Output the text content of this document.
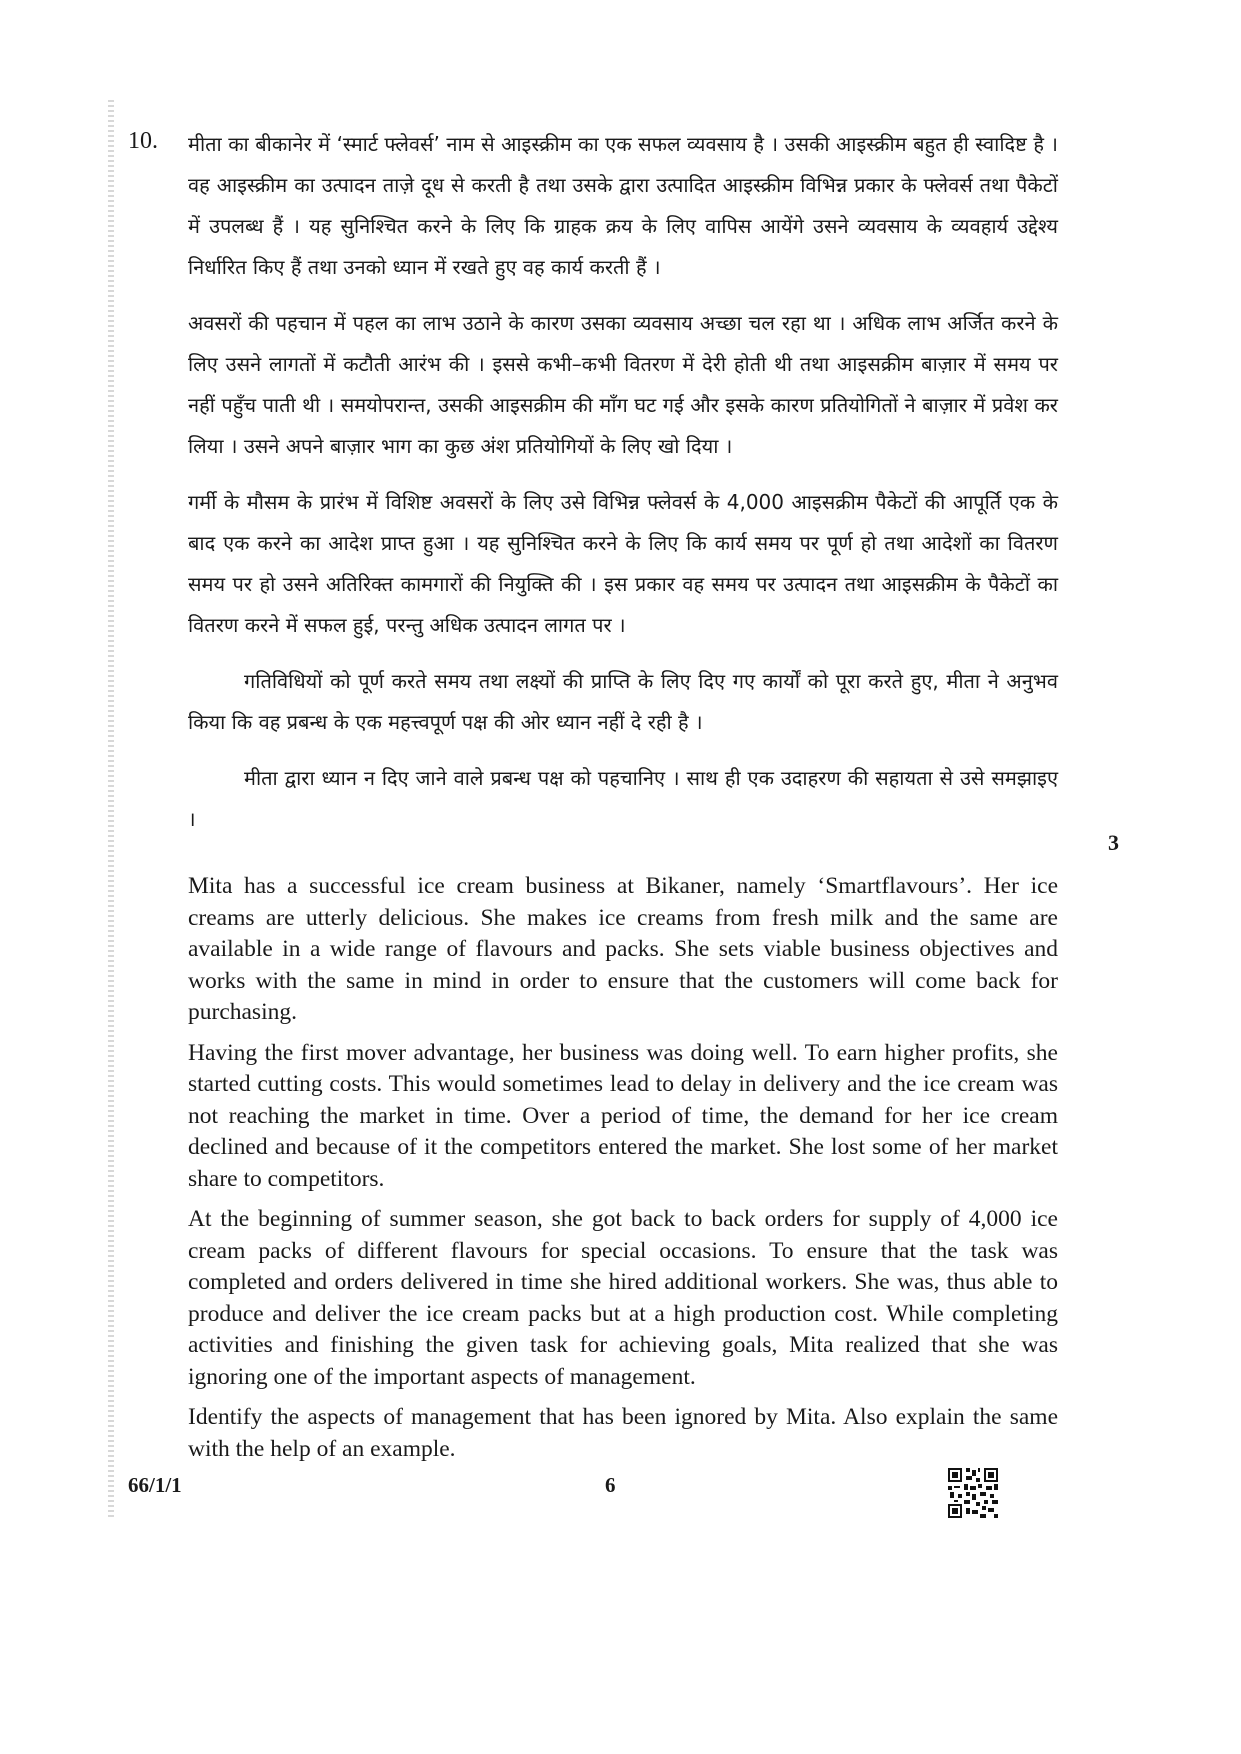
10. मीता का बीकानेर में ‘स्मार्ट फ्लेवर्स’ नाम से आइस्क्रीम का एक सफल व्यवसाय है । उसकी आइस्क्रीम बहुत ही स्वादिष्ट है । वह आइस्क्रीम का उत्पादन ताज़े दूध से करती है तथा उसके द्वारा उत्पादित आइस्क्रीम विभिन्न प्रकार के फ्लेवर्स तथा पैकेटों में उपलब्ध हैं । यह सुनिश्चित करने के लिए कि ग्राहक क्रय के लिए वापिस आयेंगे उसने व्यवसाय के व्यवहार्य उद्देश्य निर्धारित किए हैं तथा उनको ध्यान में रखते हुए वह कार्य करती हैं ।

अवसरों की पहचान में पहल का लाभ उठाने के कारण उसका व्यवसाय अच्छा चल रहा था । अधिक लाभ अर्जित करने के लिए उसने लागतों में कटौती आरंभ की । इससे कभी–कभी वितरण में देरी होती थी तथा आइसक्रीम बाज़ार में समय पर नहीं पहुँच पाती थी । समयोपरान्त, उसकी आइसक्रीम की माँग घट गई और इसके कारण प्रतियोगितों ने बाज़ार में प्रवेश कर लिया । उसने अपने बाज़ार भाग का कुछ अंश प्रतियोगियों के लिए खो दिया ।

गर्मी के मौसम के प्रारंभ में विशिष्ट अवसरों के लिए उसे विभिन्न फ्लेवर्स के 4,000 आइसक्रीम पैकेटों की आपूर्ति एक के बाद एक करने का आदेश प्राप्त हुआ । यह सुनिश्चित करने के लिए कि कार्य समय पर पूर्ण हो तथा आदेशों का वितरण समय पर हो उसने अतिरिक्त कामगारों की नियुक्ति की । इस प्रकार वह समय पर उत्पादन तथा आइसक्रीम के पैकेटों का वितरण करने में सफल हुई, परन्तु अधिक उत्पादन लागत पर ।

गतिविधियों को पूर्ण करते समय तथा लक्ष्यों की प्राप्ति के लिए दिए गए कार्यों को पूरा करते हुए, मीता ने अनुभव किया कि वह प्रबन्ध के एक महत्त्वपूर्ण पक्ष की ओर ध्यान नहीं दे रही है ।

मीता द्वारा ध्यान न दिए जाने वाले प्रबन्ध पक्ष को पहचानिए । साथ ही एक उदाहरण की सहायता से उसे समझाइए ।

3

Mita has a successful ice cream business at Bikaner, namely ‘Smartflavours’. Her ice creams are utterly delicious. She makes ice creams from fresh milk and the same are available in a wide range of flavours and packs. She sets viable business objectives and works with the same in mind in order to ensure that the customers will come back for purchasing.

Having the first mover advantage, her business was doing well. To earn higher profits, she started cutting costs. This would sometimes lead to delay in delivery and the ice cream was not reaching the market in time. Over a period of time, the demand for her ice cream declined and because of it the competitors entered the market. She lost some of her market share to competitors.

At the beginning of summer season, she got back to back orders for supply of 4,000 ice cream packs of different flavours for special occasions. To ensure that the task was completed and orders delivered in time she hired additional workers. She was, thus able to produce and deliver the ice cream packs but at a high production cost. While completing activities and finishing the given task for achieving goals, Mita realized that she was ignoring one of the important aspects of management.

Identify the aspects of management that has been ignored by Mita. Also explain the same with the help of an example.

66/1/1	6
